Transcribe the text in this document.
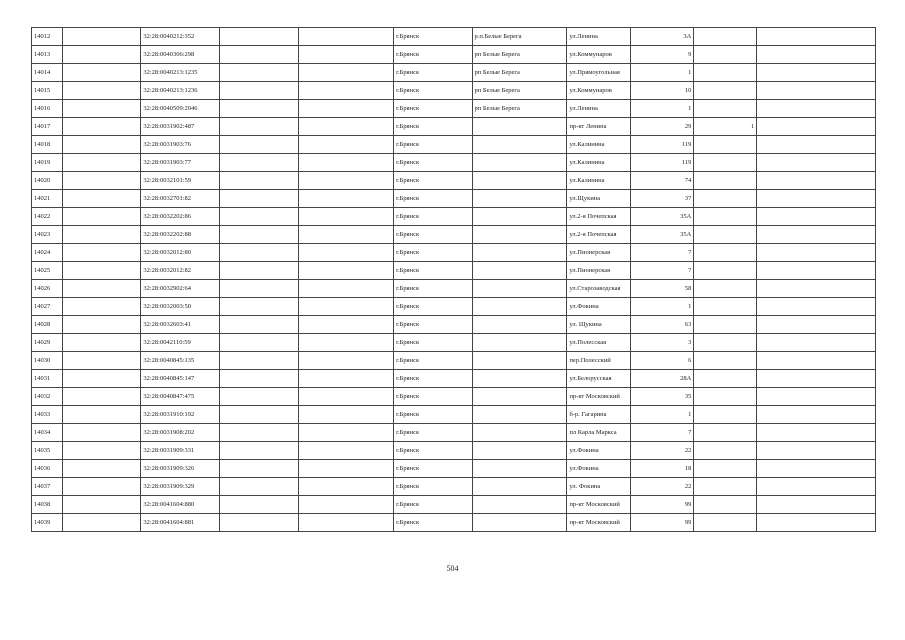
14012		32:28:0040212:352			г.Брянск	р.п.Белые Берега	ул.Ленина	3А		
14013		32:28:0040306:298			г.Брянск	рп Белые Берега	ул.Коммунаров	9		
14014		32:28:0040213:1235			г.Брянск	рп Белые Берега	ул.Прямоугольная	1		
14015		32:28:0040213:1236			г.Брянск	рп Белые Берега	ул.Коммунаров	10		
14016		32:28:0040509:2046			г.Брянск	рп Белые Берега	ул.Ленина	1		
14017		32:28:0031902:487			г.Брянск		пр-кт Ленина	29	1	
14018		32:28:0031903:76			г.Брянск		ул.Калинина	119		
14019		32:28:0031903:77			г.Брянск		ул.Калинина	119		
14020		32:28:0032101:59			г.Брянск		ул.Калинина	74		
14021		32:28:0032701:82			г.Брянск		ул.Щукина	37		
14022		32:28:0032202:86			г.Брянск		ул.2-я Почепская	35А		
14023		32:28:0032202:88			г.Брянск		ул.2-я Почепская	35А		
14024		32:28:0032012:80			г.Брянск		ул.Пионерская	7		
14025		32:28:0032012:82			г.Брянск		ул.Пионерская	7		
14026		32:28:0032902:64			г.Брянск		ул.Старозаводская	58		
14027		32:28:0032003:50			г.Брянск		ул.Фокина	1		
14028		32:28:0032603:41			г.Брянск		ул. Щукина	63		
14029		32:28:0042110:59			г.Брянск		ул.Полесская	3		
14030		32:28:0040845:135			г.Брянск		пер.Полесский	6		
14031		32:28:0040845:147			г.Брянск		ул.Белорусская	28А		
14032		32:28:0040847:475			г.Брянск		пр-кт Московский	35		
14033		32:28:0031910:192			г.Брянск		б-р. Гагарина	1		
14034		32:28:0031908:202			г.Брянск		пл Карла Маркса	7		
14035		32:28:0031909:331			г.Брянск		ул.Фокина	22		
14036		32:28:0031909:326			г.Брянск		ул.Фокина	18		
14037		32:28:0031909:329			г.Брянск		ул. Фокина	22		
14038		32:28:0041604:880			г.Брянск		пр-кт Московский	99		
14039		32:28:0041604:881			г.Брянск		пр-кт Московский	99		
504
